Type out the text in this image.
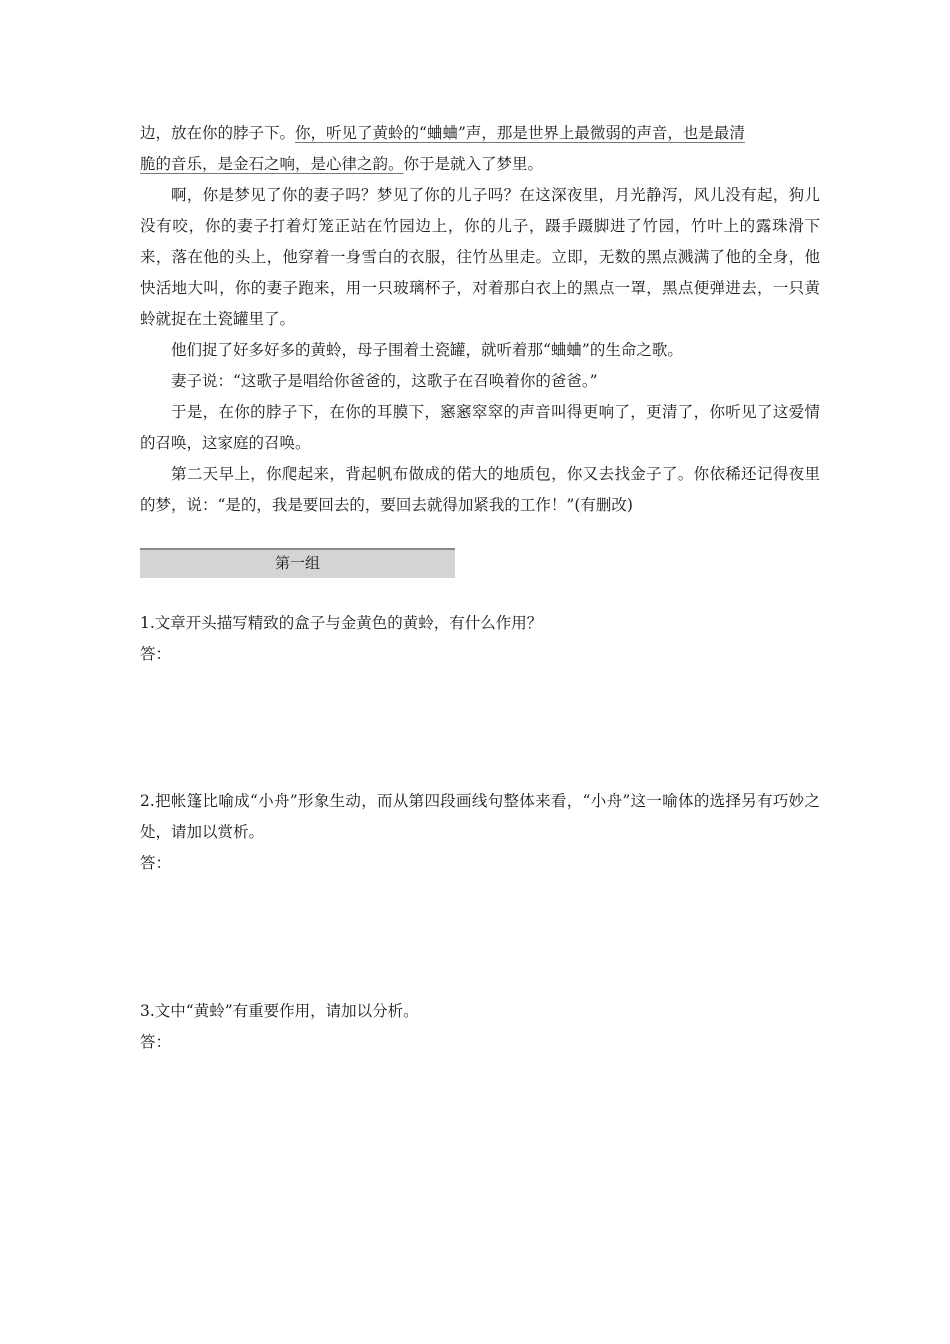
边，放在你的脖子下。你，听见了黄蛉的“蛐蛐”声，那是世界上最微弱的声音，也是最清
脆的音乐，是金石之响，是心律之韵。你于是就入了梦里。

啊，你是梦见了你的妻子吗？梦见了你的儿子吗？在这深夜里，月光静泻，风儿没有起，狗儿没有咬，你的妻子打着灯笼正站在竹园边上，你的儿子，蹑手蹑脚进了竹园，竹叶上的露珠滑下来，落在他的头上，他穿着一身雪白的衣服，往竹丛里走。立即，无数的黑点溅满了他的全身，他快活地大叫，你的妻子跑来，用一只玻璃杯子，对着那白衣上的黑点一罩，黑点便弹进去，一只黄蛉就捉在土瓷罐里了。

他们捉了好多好多的黄蛉，母子围着土瓷罐，就听着那“蛐蛐”的生命之歌。

妻子说：“这歌子是唱给你爸爸的，这歌子在召唤着你的爸爸。”

于是，在你的脖子下，在你的耳膜下，窸窸窣窣的声音叫得更响了，更清了，你听见了这爱情的召唤，这家庭的召唤。

第二天早上，你爬起来，背起帆布做成的偌大的地质包，你又去找金子了。你依稀还记得夜里的梦，说：“是的，我是要回去的，要回去就得加紧我的工作！”(有删改)

第一组

1.文章开头描写精致的盒子与金黄色的黄蛉，有什么作用？

答：

2.把帐篷比喻成“小舟”形象生动，而从第四段画线句整体来看，“小舟”这一喻体的选择另有巧妙之处，请加以赏析。

答：

3.文中“黄蛉”有重要作用，请加以分析。

答：
